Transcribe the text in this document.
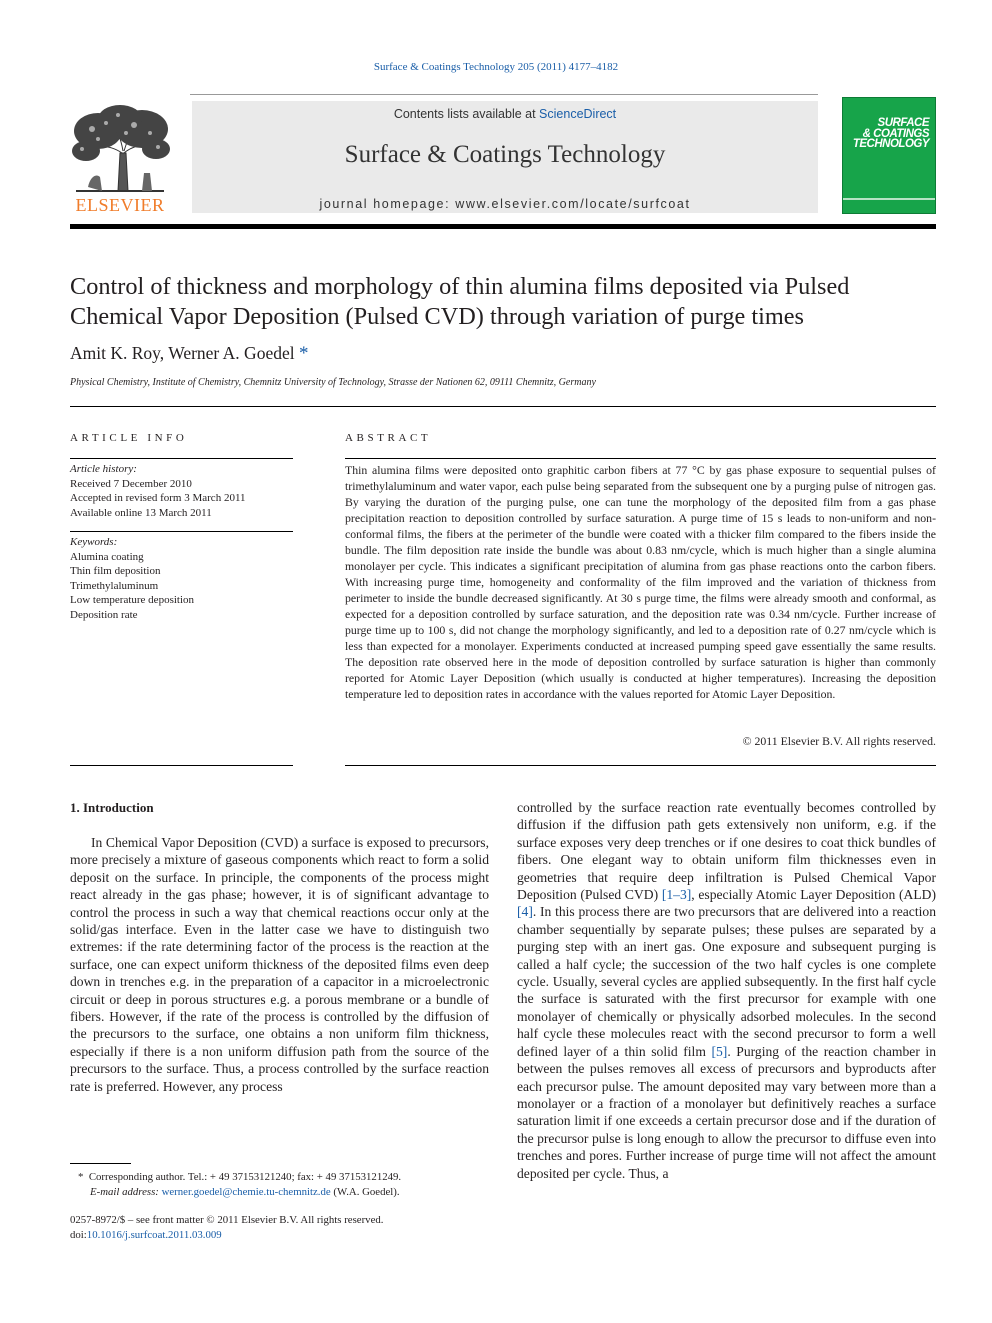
Surface & Coatings Technology 205 (2011) 4177–4182
ELSEVIER
Contents lists available at ScienceDirect
Surface & Coatings Technology
journal homepage: www.elsevier.com/locate/surfcoat
SURFACE
& COATINGS
TECHNOLOGY
Control of thickness and morphology of thin alumina films deposited via Pulsed Chemical Vapor Deposition (Pulsed CVD) through variation of purge times
Amit K. Roy, Werner A. Goedel *
Physical Chemistry, Institute of Chemistry, Chemnitz University of Technology, Strasse der Nationen 62, 09111 Chemnitz, Germany
ARTICLE INFO	ABSTRACT
Article history:
Received 7 December 2010
Accepted in revised form 3 March 2011
Available online 13 March 2011
Keywords:
Alumina coating
Thin film deposition
Trimethylaluminum
Low temperature deposition
Deposition rate
Thin alumina films were deposited onto graphitic carbon fibers at 77 °C by gas phase exposure to sequential pulses of trimethylaluminum and water vapor, each pulse being separated from the subsequent one by a purging pulse of nitrogen gas. By varying the duration of the purging pulse, one can tune the morphology of the deposited film from a gas phase precipitation reaction to deposition controlled by surface saturation. A purge time of 15 s leads to non-uniform and non-conformal films, the fibers at the perimeter of the bundle were coated with a thicker film compared to the fibers inside the bundle. The film deposition rate inside the bundle was about 0.83 nm/cycle, which is much higher than a single alumina monolayer per cycle. This indicates a significant precipitation of alumina from gas phase reactions onto the carbon fibers. With increasing purge time, homogeneity and conformality of the film improved and the variation of thickness from perimeter to inside the bundle decreased significantly. At 30 s purge time, the films were already smooth and conformal, as expected for a deposition controlled by surface saturation, and the deposition rate was 0.34 nm/cycle. Further increase of purge time up to 100 s, did not change the morphology significantly, and led to a deposition rate of 0.27 nm/cycle which is less than expected for a monolayer. Experiments conducted at increased pumping speed gave essentially the same results. The deposition rate observed here in the mode of deposition controlled by surface saturation is higher than commonly reported for Atomic Layer Deposition (which usually is conducted at higher temperatures). Increasing the deposition temperature led to deposition rates in accordance with the values reported for Atomic Layer Deposition.
© 2011 Elsevier B.V. All rights reserved.
1. Introduction
In Chemical Vapor Deposition (CVD) a surface is exposed to precursors, more precisely a mixture of gaseous components which react to form a solid deposit on the surface. In principle, the components of the process might react already in the gas phase; however, it is of significant advantage to control the process in such a way that chemical reactions occur only at the solid/gas interface. Even in the latter case we have to distinguish two extremes: if the rate determining factor of the process is the reaction at the surface, one can expect uniform thickness of the deposited films even deep down in trenches e.g. in the preparation of a capacitor in a microelectronic circuit or deep in porous structures e.g. a porous membrane or a bundle of fibers. However, if the rate of the process is controlled by the diffusion of the precursors to the surface, one obtains a non uniform film thickness, especially if there is a non uniform diffusion path from the source of the precursors to the surface. Thus, a process controlled by the surface reaction rate is preferred. However, any process
controlled by the surface reaction rate eventually becomes controlled by diffusion if the diffusion path gets extensively non uniform, e.g. if the surface exposes very deep trenches or if one desires to coat thick bundles of fibers. One elegant way to obtain uniform film thicknesses even in geometries that require deep infiltration is Pulsed Chemical Vapor Deposition (Pulsed CVD) [1–3], especially Atomic Layer Deposition (ALD) [4]. In this process there are two precursors that are delivered into a reaction chamber sequentially by separate pulses; these pulses are separated by a purging step with an inert gas. One exposure and subsequent purging is called a half cycle; the succession of the two half cycles is one complete cycle. Usually, several cycles are applied subsequently. In the first half cycle the surface is saturated with the first precursor for example with one monolayer of chemically or physically adsorbed molecules. In the second half cycle these molecules react with the second precursor to form a well defined layer of a thin solid film [5]. Purging of the reaction chamber in between the pulses removes all excess of precursors and byproducts after each precursor pulse. The amount deposited may vary between more than a monolayer or a fraction of a monolayer but definitively reaches a surface saturation limit if one exceeds a certain precursor dose and if the duration of the precursor pulse is long enough to allow the precursor to diffuse even into trenches and pores. Further increase of purge time will not affect the amount deposited per cycle. Thus, a
* Corresponding author. Tel.: + 49 37153121240; fax: + 49 37153121249.
E-mail address: werner.goedel@chemie.tu-chemnitz.de (W.A. Goedel).
0257-8972/$ – see front matter © 2011 Elsevier B.V. All rights reserved.
doi:10.1016/j.surfcoat.2011.03.009
